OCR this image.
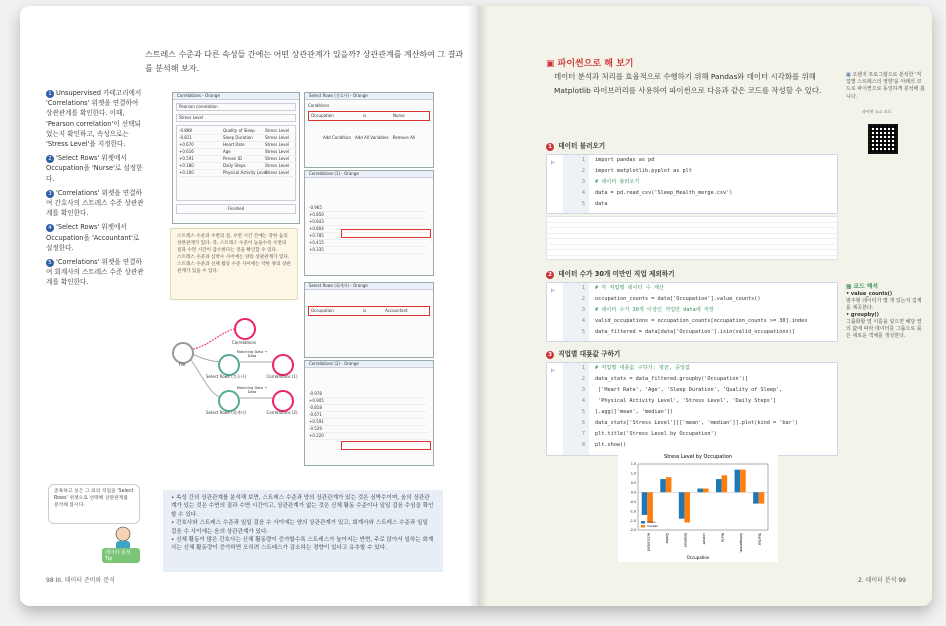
스트레스 수준과 다른 속성들 간에는 어떤 상관관계가 있을까? 상관관계를 계산하여 그 결과를 분석해 보자.
1 Unsupervised 카테고리에서 'Correlations' 위젯을 연결하여 상관관계를 확인한다. 이때, 'Pearson correlation'이 선택되었는지 확인하고, 속성으로는 'Stress Level'을 지정한다.
2 'Select Rows' 위젯에서 Occupation을 'Nurse'로 설정한다.
3 'Correlations' 위젯을 연결하여 간호사의 스트레스 수준 상관관계를 확인한다.
4 'Select Rows' 위젯에서 Occupation을 'Accountant'로 설정한다.
5 'Correlations' 위젯을 연결하여 회계사의 스트레스 수준 상관관계를 확인한다.
Correlations - Orange
Pearson correlation
Stress Level
-0.898	Quality of Sleep	Stress Level
-0.811	Sleep Duration	Stress Level
+0.670	Heart Rate	Stress Level
+0.616	Age	Stress Level
+0.591	Person ID	Stress Level
+0.180	Daily Steps	Stress Level
+0.160	Physical Activity Level
Stress Level
Finished
Select Rows (간호사) - Orange
Conditions
Occupation	is	Nurse
Add Condition Add All Variables Remove All
Correlations (1) - Orange
-0.965
+0.850
+0.843
+0.804
+0.785
+0.415
+0.335
Select Rows (회계사) - Orange
Occupation	is	Accountant
Correlations (2) - Orange
-0.978
+0.905
-0.818
-0.671
+0.591
-0.529
+0.220
스트레스 수준과 수면의 질, 수면 시간 간에는 강한 음의 상관관계가 있다. 즉, 스트레스 수준이 높을수록 수면의 질과 수면 시간이 감소한다는 것을 확인할 수 있다.
스트레스 수준과 심박수 사이에는 양의 상관관계가 있다.
스트레스 수준과 신체 활동 수준 사이에는 약한 양의 상관관계가 있을 수 있다.
File
Correlations
Select Rows (간호사)	Correlations (1)
Matching Data → Data
Select Rows (회계사)	Correlations (2)
Matching Data → Data
• 속성 간의 상관관계를 분석해 보면, 스트레스 수준과 양의 상관관계가 있는 것은 심박수이며, 음의 상관관계가 있는 것은 수면의 질과 수면 시간이고, 상관관계가 없는 것은 신체 활동 수준이나 일일 걸음 수임을 확인할 수 있다.
• 간호사와 스트레스 수준과 일일 걸음 수 사이에는 양의 상관관계가 있고, 회계사와 스트레스 수준과 일일 걸음 수 사이에는 음의 상관관계가 있다.
• 신체 활동이 많은 간호사는 신체 활동량이 증가할수록 스트레스가 높아지는 반면, 주로 앉아서 일하는 회계사는 신체 활동량이 증가하면 오히려 스트레스가 감소하는 경향이 있다고 유추할 수 있다.
준혹하고 싶은 그 외의 직업을 'Select Rows' 위젯으로 선택해 상관관계를 분석해 봅시다.
데이터 분석 Tip
98 III. 데이터 준비와 분석
▣ 파이썬으로 해 보기
데이터 분석과 처리를 효율적으로 수행하기 위해 Pandas와 데이터 시각화를 위해 Matplotlib 라이브러리를 사용하여 파이썬으로 다음과 같은 코드를 작성할 수 있다.
▦ 오렌지 프로그램으로 분석한 '직업별 스트레스의 영향'을 아래의 코드로 파이썬으로 동일하게 분석해 봅니다.
파이썬 소스 코드
1 데이터 불러오기
▷	1 import pandas as pd
2 import matplotlib.pyplot as plt
3 # 데이터 불러오기
4 data = pd.read_csv('Sleep_Health_merge.csv')
5 data
2 데이터 수가 30개 미만인 직업 제외하기
▷	1 # 각 직업별 데이터 수 계산
2 occupation_counts = data['Occupation'].value_counts()
3 # 데이터 수가 30개 이상인 직업만 data에 저장
4 valid_occupations = occupation_counts[occupation_counts >= 30].index
5 data_filtered = data[data['Occupation'].isin(valid_occupations)]
3 직업별 대푯값 구하기
▷	1 # 직업별 대푯값 구하기: 평균, 중앙값
2 data_stats = data_filtered.groupby('Occupation')[
3 ['Heart Rate', 'Age', 'Sleep Duration', 'Quality of Sleep',
4 'Physical Activity Level', 'Stress Level', 'Daily Steps']
5 ].agg(['mean', 'median'])
6 data_stats['Stress Level'][['mean', 'median']].plot(kind = 'bar')
7 plt.title('Stress Level by Occupation')
8 plt.show()
Stress Level by Occupation
Occupation
-2.0
-1.5
-1.0
-0.5
0.0
0.5
1.0
1.5
Accountant	Doctor	Engineer	Lawyer	Nurse	Salesperson	Teacher
mean
median
▦ 코드 해석
• value_counts()
범주형 데이터가 몇 개 있는지 집계를 제공한다.
• groupby()
그룹화할 열 이름을 넣으면 해당 열의 값에 따라 데이터를 그룹으로 묶은 새로운 객체를 생성한다.
2. 데이터 분석 99
